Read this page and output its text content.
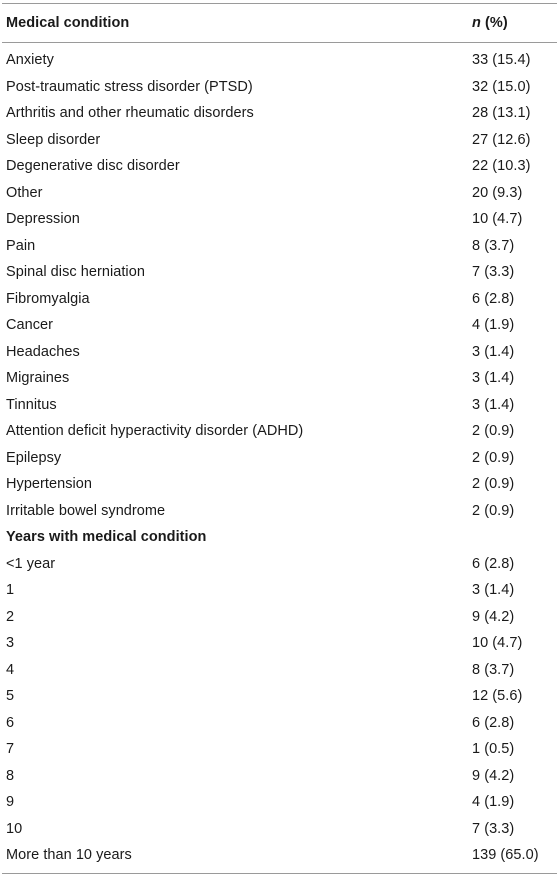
Medical condition	n (%)
Anxiety	33 (15.4)
Post-traumatic stress disorder (PTSD)	32 (15.0)
Arthritis and other rheumatic disorders	28 (13.1)
Sleep disorder	27 (12.6)
Degenerative disc disorder	22 (10.3)
Other	20 (9.3)
Depression	10 (4.7)
Pain	8 (3.7)
Spinal disc herniation	7 (3.3)
Fibromyalgia	6 (2.8)
Cancer	4 (1.9)
Headaches	3 (1.4)
Migraines	3 (1.4)
Tinnitus	3 (1.4)
Attention deficit hyperactivity disorder (ADHD)	2 (0.9)
Epilepsy	2 (0.9)
Hypertension	2 (0.9)
Irritable bowel syndrome	2 (0.9)
Years with medical condition
<1 year	6 (2.8)
1	3 (1.4)
2	9 (4.2)
3	10 (4.7)
4	8 (3.7)
5	12 (5.6)
6	6 (2.8)
7	1 (0.5)
8	9 (4.2)
9	4 (1.9)
10	7 (3.3)
More than 10 years	139 (65.0)
